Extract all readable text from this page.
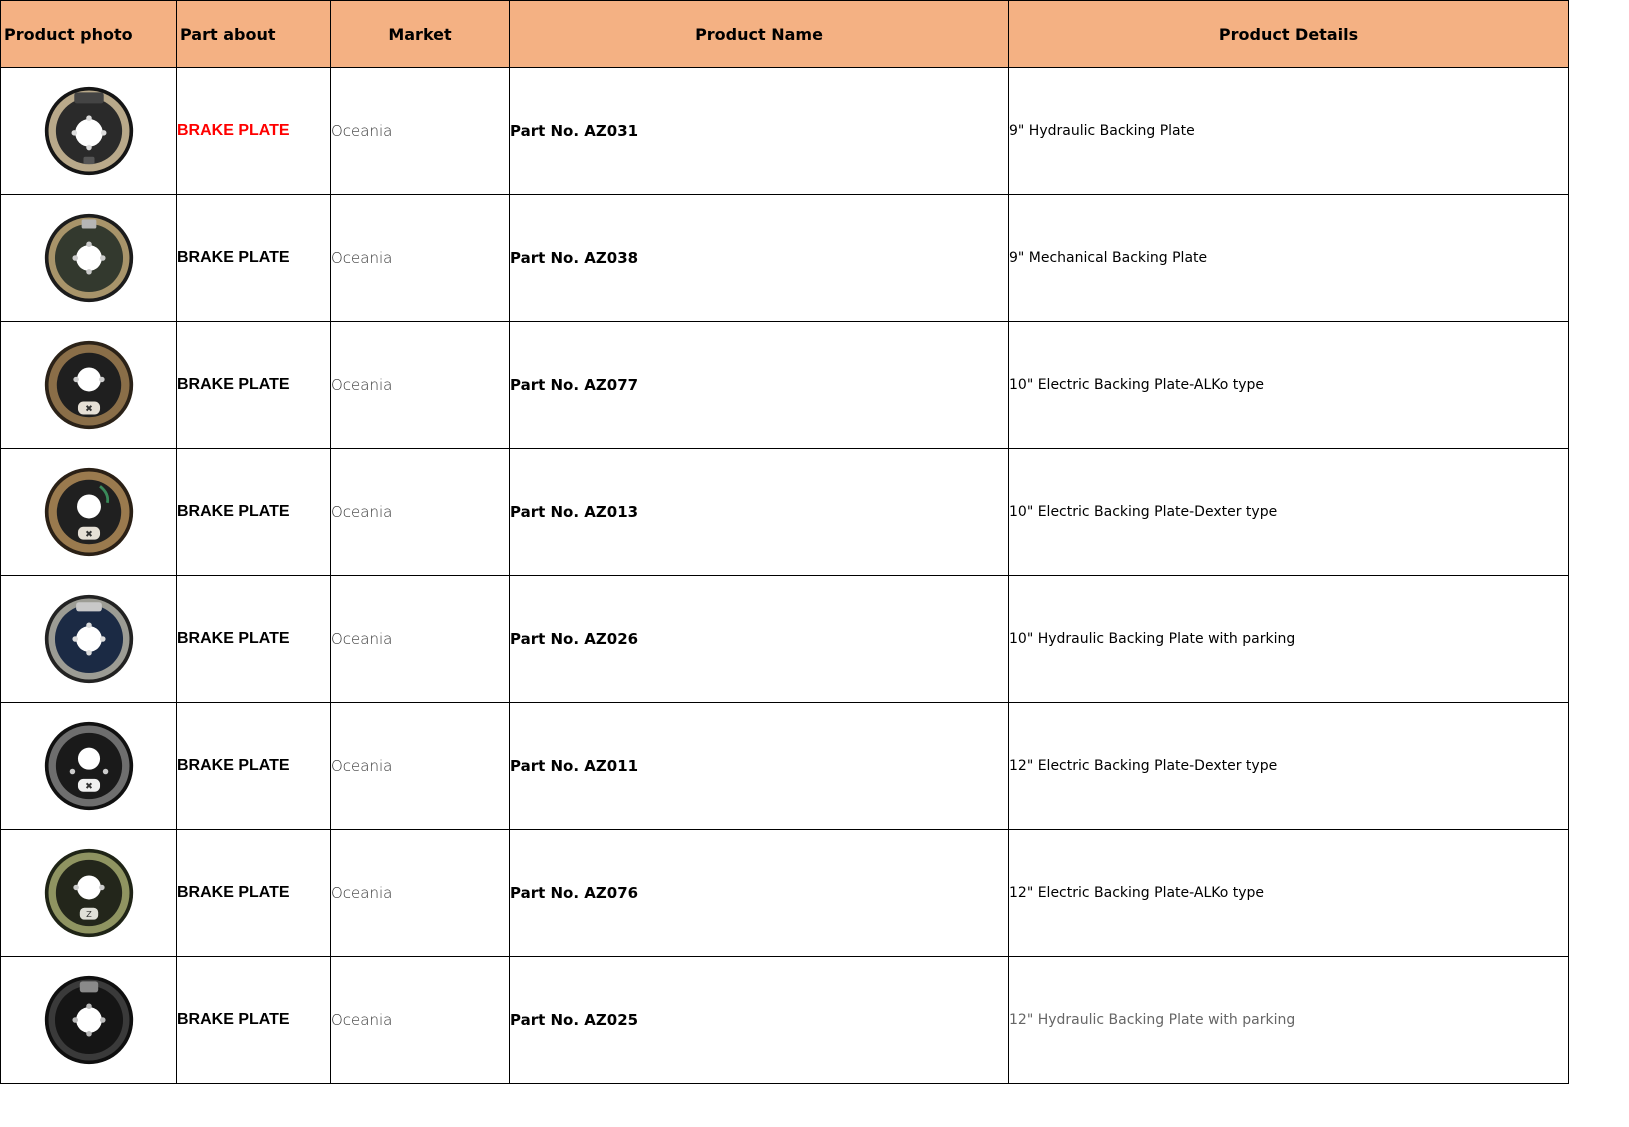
Product photo	Part about	Market	Product Name	Product Details

	BRAKE PLATE	Oceania	Part No. AZ031	9" Hydraulic Backing Plate

	BRAKE PLATE	Oceania	Part No. AZ038	9" Mechanical Backing Plate

✖	BRAKE PLATE	Oceania	Part No. AZ077	10" Electric Backing Plate-ALKo type

✖	BRAKE PLATE	Oceania	Part No. AZ013	10" Electric Backing Plate-Dexter type

	BRAKE PLATE	Oceania	Part No. AZ026	10" Hydraulic Backing Plate with parking

✖	BRAKE PLATE	Oceania	Part No. AZ011	12" Electric Backing Plate-Dexter type

Z	BRAKE PLATE	Oceania	Part No. AZ076	12" Electric Backing Plate-ALKo type

	BRAKE PLATE	Oceania	Part No. AZ025	12" Hydraulic Backing Plate with parking
